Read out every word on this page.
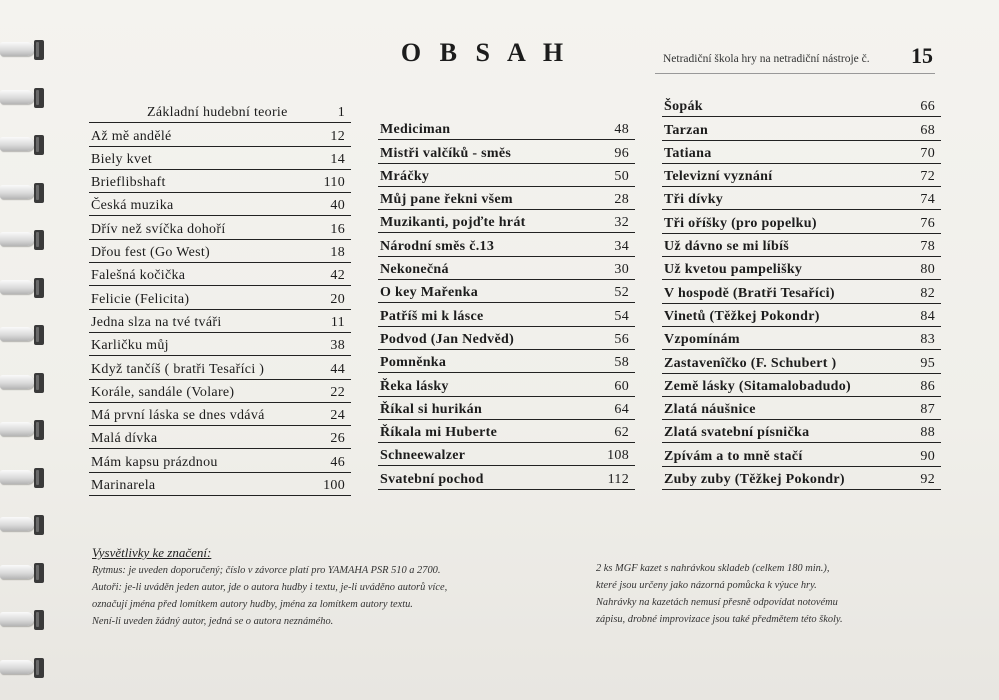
O B S A H	Netradiční škola hry na netradiční nástroje č. 15
Základní hudební teorie	1
Až mě andělé	12
Biely kvet	14
Brieflibshaft	110
Česká muzika	40
Dřív než svíčka dohoří	16
Dřou fest (Go West)	18
Falešná kočička	42
Felicie (Felicita)	20
Jedna slza na tvé tváři	11
Karličku můj	38
Když tančíš ( bratři Tesaříci )	44
Korále, sandále (Volare)	22
Má první láska se dnes vdává	24
Malá dívka	26
Mám kapsu prázdnou	46
Marinarela	100
Mediciman	48
Mistři valčíků - směs	96
Mráčky	50
Můj pane řekni všem	28
Muzikanti, pojďte hrát	32
Národní směs č.13	34
Nekonečná	30
O key Mařenka	52
Patříš mi k lásce	54
Podvod (Jan Nedvěd)	56
Pomněnka	58
Řeka lásky	60
Říkal si hurikán	64
Říkala mi Huberte	62
Schneewalzer	108
Svatební pochod	112
Šopák	66
Tarzan	68
Tatiana	70
Televizní vyznání	72
Tři dívky	74
Tři oříšky (pro popelku)	76
Už dávno se mi líbíš	78
Už kvetou pampelišky	80
V hospodě (Bratři Tesaříci)	82
Vinetů (Těžkej Pokondr)	84
Vzpomínám	83
Zastavenîčko (F. Schubert )	95
Země lásky (Sitamalobadudo)	86
Zlatá náušnice	87
Zlatá svatební písnička	88
Zpívám a to mně stačí	90
Zuby zuby (Těžkej Pokondr)	92
Vysvětlivky ke značení:

Rytmus: je uveden doporučený; číslo v závorce platí pro YAMAHA PSR 510 a 2700.

Autoři: je-li uváděn jeden autor, jde o autora hudby i textu, je-li uváděno autorů více,

označují jména před lomítkem autory hudby, jména za lomítkem autory textu.

Není-li uveden žádný autor, jedná se o autora neznámého.

2 ks MGF kazet s nahrávkou skladeb (celkem 180 min.),

které jsou určeny jako názorná pomůcka k výuce hry.

Nahrávky na kazetách nemusí přesně odpovídat notovému

zápisu, drobné improvizace jsou také předmětem této školy.
